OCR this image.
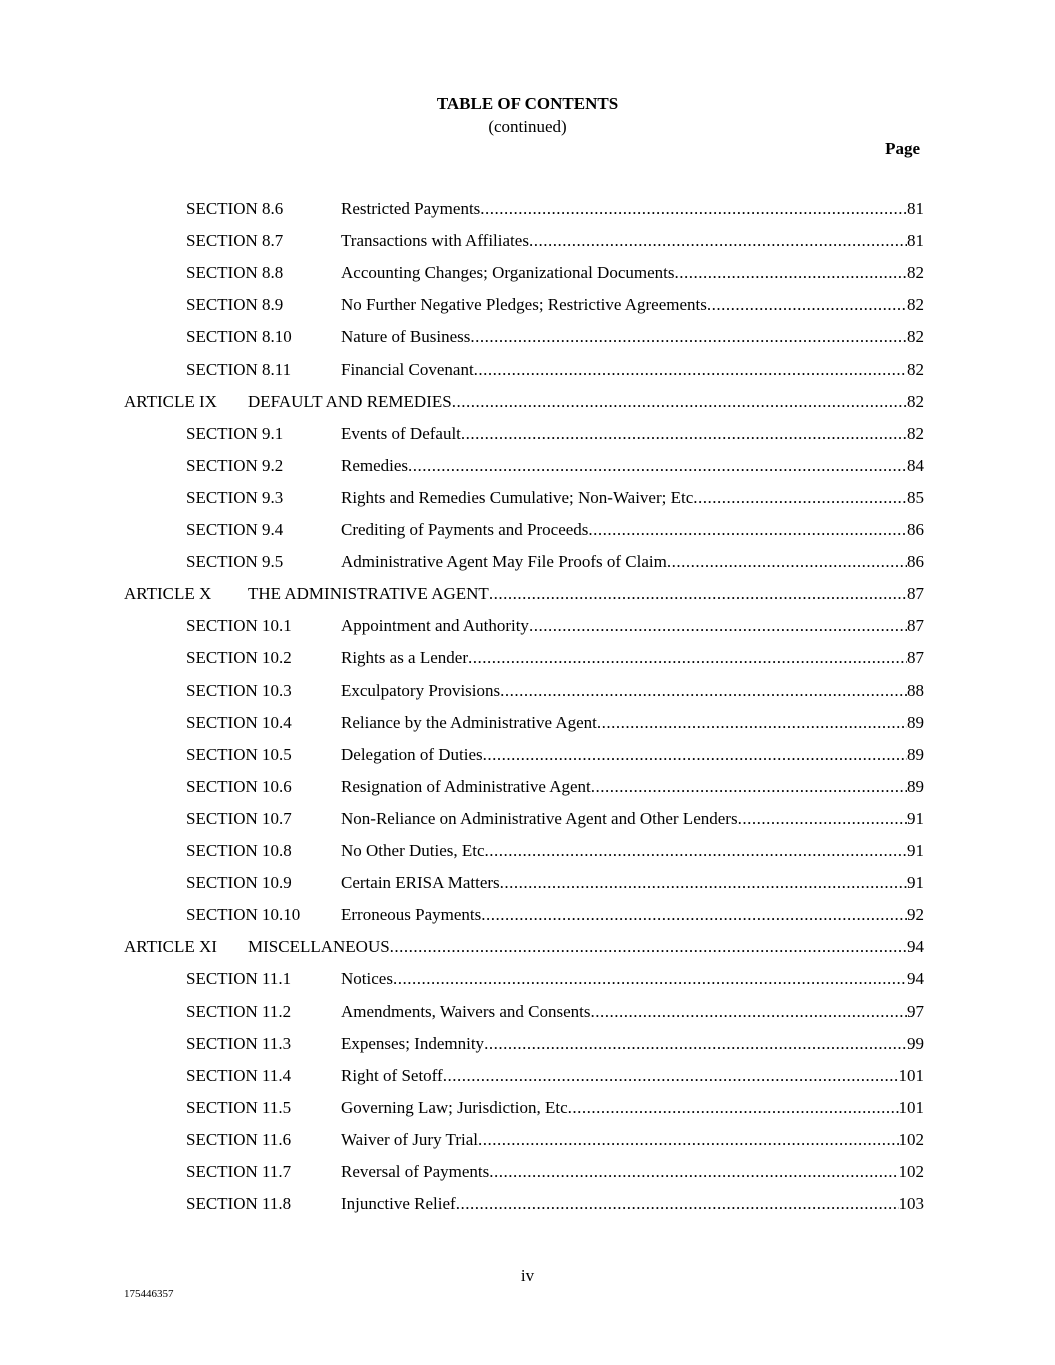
TABLE OF CONTENTS
(continued)
Page
SECTION 8.6	Restricted Payments .....	81
SECTION 8.7	Transactions with Affiliates .....	81
SECTION 8.8	Accounting Changes; Organizational Documents .....	82
SECTION 8.9	No Further Negative Pledges; Restrictive Agreements .....	82
SECTION 8.10	Nature of Business .....	82
SECTION 8.11	Financial Covenant .....	82
ARTICLE IX DEFAULT AND REMEDIES .....	82
SECTION 9.1	Events of Default .....	82
SECTION 9.2	Remedies .....	84
SECTION 9.3	Rights and Remedies Cumulative; Non-Waiver; Etc .....	85
SECTION 9.4	Crediting of Payments and Proceeds .....	86
SECTION 9.5	Administrative Agent May File Proofs of Claim .....	86
ARTICLE X THE ADMINISTRATIVE AGENT .....	87
SECTION 10.1	Appointment and Authority .....	87
SECTION 10.2	Rights as a Lender .....	87
SECTION 10.3	Exculpatory Provisions .....	88
SECTION 10.4	Reliance by the Administrative Agent .....	89
SECTION 10.5	Delegation of Duties .....	89
SECTION 10.6	Resignation of Administrative Agent .....	89
SECTION 10.7	Non-Reliance on Administrative Agent and Other Lenders .....	91
SECTION 10.8	No Other Duties, Etc .....	91
SECTION 10.9	Certain ERISA Matters .....	91
SECTION 10.10 Erroneous Payments .....	92
ARTICLE XI MISCELLANEOUS .....	94
SECTION 11.1	Notices .....	94
SECTION 11.2	Amendments, Waivers and Consents .....	97
SECTION 11.3	Expenses; Indemnity .....	99
SECTION 11.4	Right of Setoff .....	101
SECTION 11.5	Governing Law; Jurisdiction, Etc .....	101
SECTION 11.6	Waiver of Jury Trial .....	102
SECTION 11.7	Reversal of Payments .....	102
SECTION 11.8	Injunctive Relief .....	103
iv
175446357
